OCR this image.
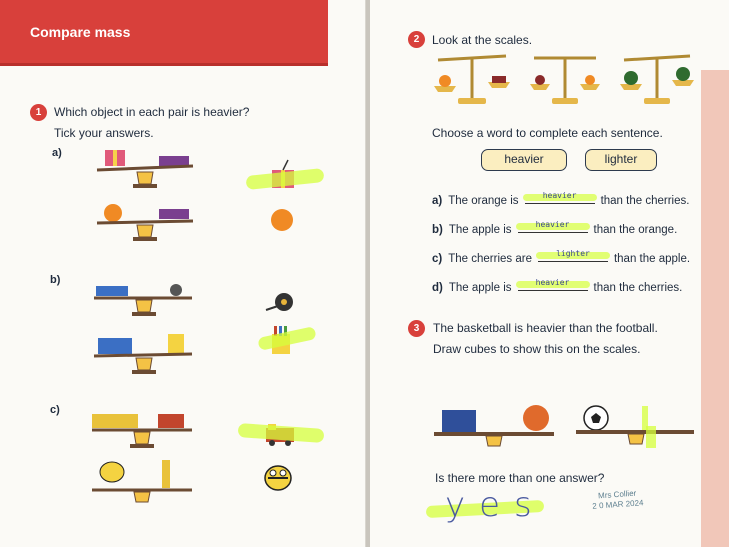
Compare mass
1	Which object in each pair is heavier?
Tick your answers.
a)
b)
c)
2	Look at the scales.
Choose a word to complete each sentence.
heavier	lighter
a) The orange is	heavier	than the cherries.
b) The apple is	heavier	than the orange.
c) The cherries are	lighter	than the apple.
d) The apple is	heavier	than the cherries.
3	The basketball is heavier than the football.
Draw cubes to show this on the scales.
Is there more than one answer?
yes	Mrs Collier
2 0 MAR 2024
